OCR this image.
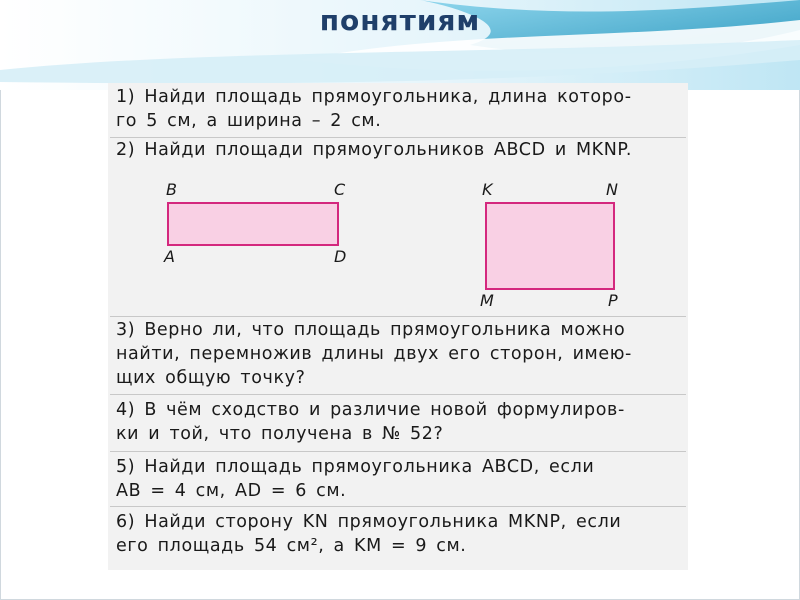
понятиям
1) Найди площадь прямоугольника, длина которо-
го 5 см, а ширина – 2 см.
2) Найди площади прямоугольников ABCD и MKNP.
B	C
A	D
K	N
M	P
3) Верно ли, что площадь прямоугольника можно
найти, перемножив длины двух его сторон, имею-
щих общую точку?
4) В чём сходство и различие новой формулиров-
ки и той, что получена в № 52?
5) Найди площадь прямоугольника ABCD, если
AB = 4 см, AD = 6 см.
6) Найди сторону KN прямоугольника MKNP, если
его площадь 54 см², а KM = 9 см.
